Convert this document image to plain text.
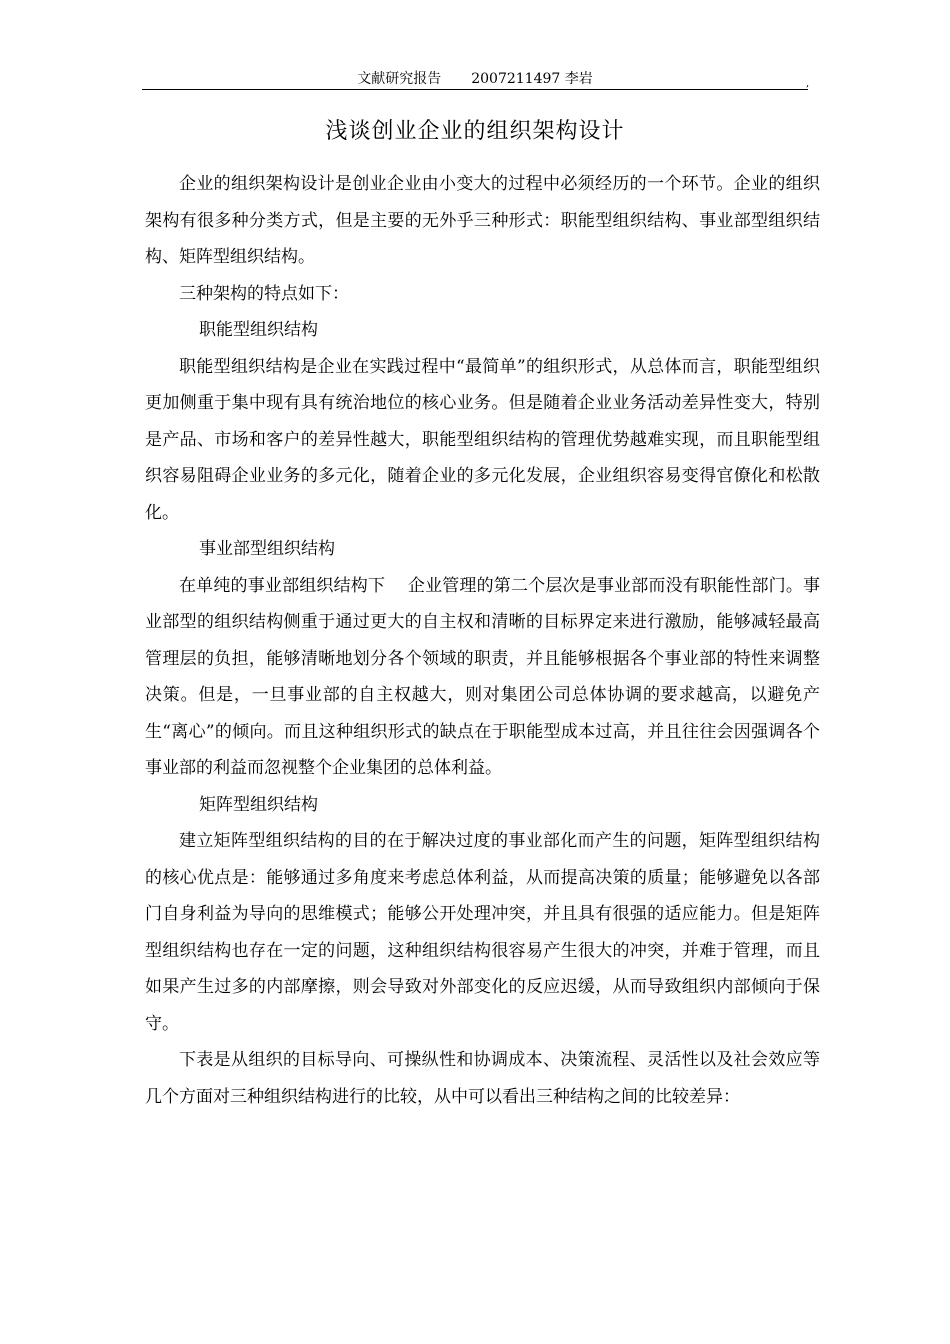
文献研究报告 2007211497 李岩	,
浅谈创业企业的组织架构设计

企业的组织架构设计是创业企业由小变大的过程中必须经历的一个环节。企业的组织架构有很多种分类方式，但是主要的无外乎三种形式：职能型组织结构、事业部型组织结构、矩阵型组织结构。

三种架构的特点如下：

职能型组织结构

职能型组织结构是企业在实践过程中“最简单”的组织形式，从总体而言，职能型组织更加侧重于集中现有具有统治地位的核心业务。但是随着企业业务活动差异性变大，特别是产品、市场和客户的差异性越大，职能型组织结构的管理优势越难实现，而且职能型组织容易阻碍企业业务的多元化，随着企业的多元化发展，企业组织容易变得官僚化和松散化。

事业部型组织结构

在单纯的事业部组织结构下　 企业管理的第二个层次是事业部而没有职能性部门。事业部型的组织结构侧重于通过更大的自主权和清晰的目标界定来进行激励，能够减轻最高管理层的负担，能够清晰地划分各个领域的职责，并且能够根据各个事业部的特性来调整决策。但是，一旦事业部的自主权越大，则对集团公司总体协调的要求越高，以避免产生“离心”的倾向。而且这种组织形式的缺点在于职能型成本过高，并且往往会因强调各个事业部的利益而忽视整个企业集团的总体利益。

矩阵型组织结构

建立矩阵型组织结构的目的在于解决过度的事业部化而产生的问题，矩阵型组织结构的核心优点是：能够通过多角度来考虑总体利益，从而提高决策的质量；能够避免以各部门自身利益为导向的思维模式；能够公开处理冲突，并且具有很强的适应能力。但是矩阵型组织结构也存在一定的问题，这种组织结构很容易产生很大的冲突，并难于管理，而且如果产生过多的内部摩擦，则会导致对外部变化的反应迟缓，从而导致组织内部倾向于保守。

下表是从组织的目标导向、可操纵性和协调成本、决策流程、灵活性以及社会效应等几个方面对三种组织结构进行的比较，从中可以看出三种结构之间的比较差异：
